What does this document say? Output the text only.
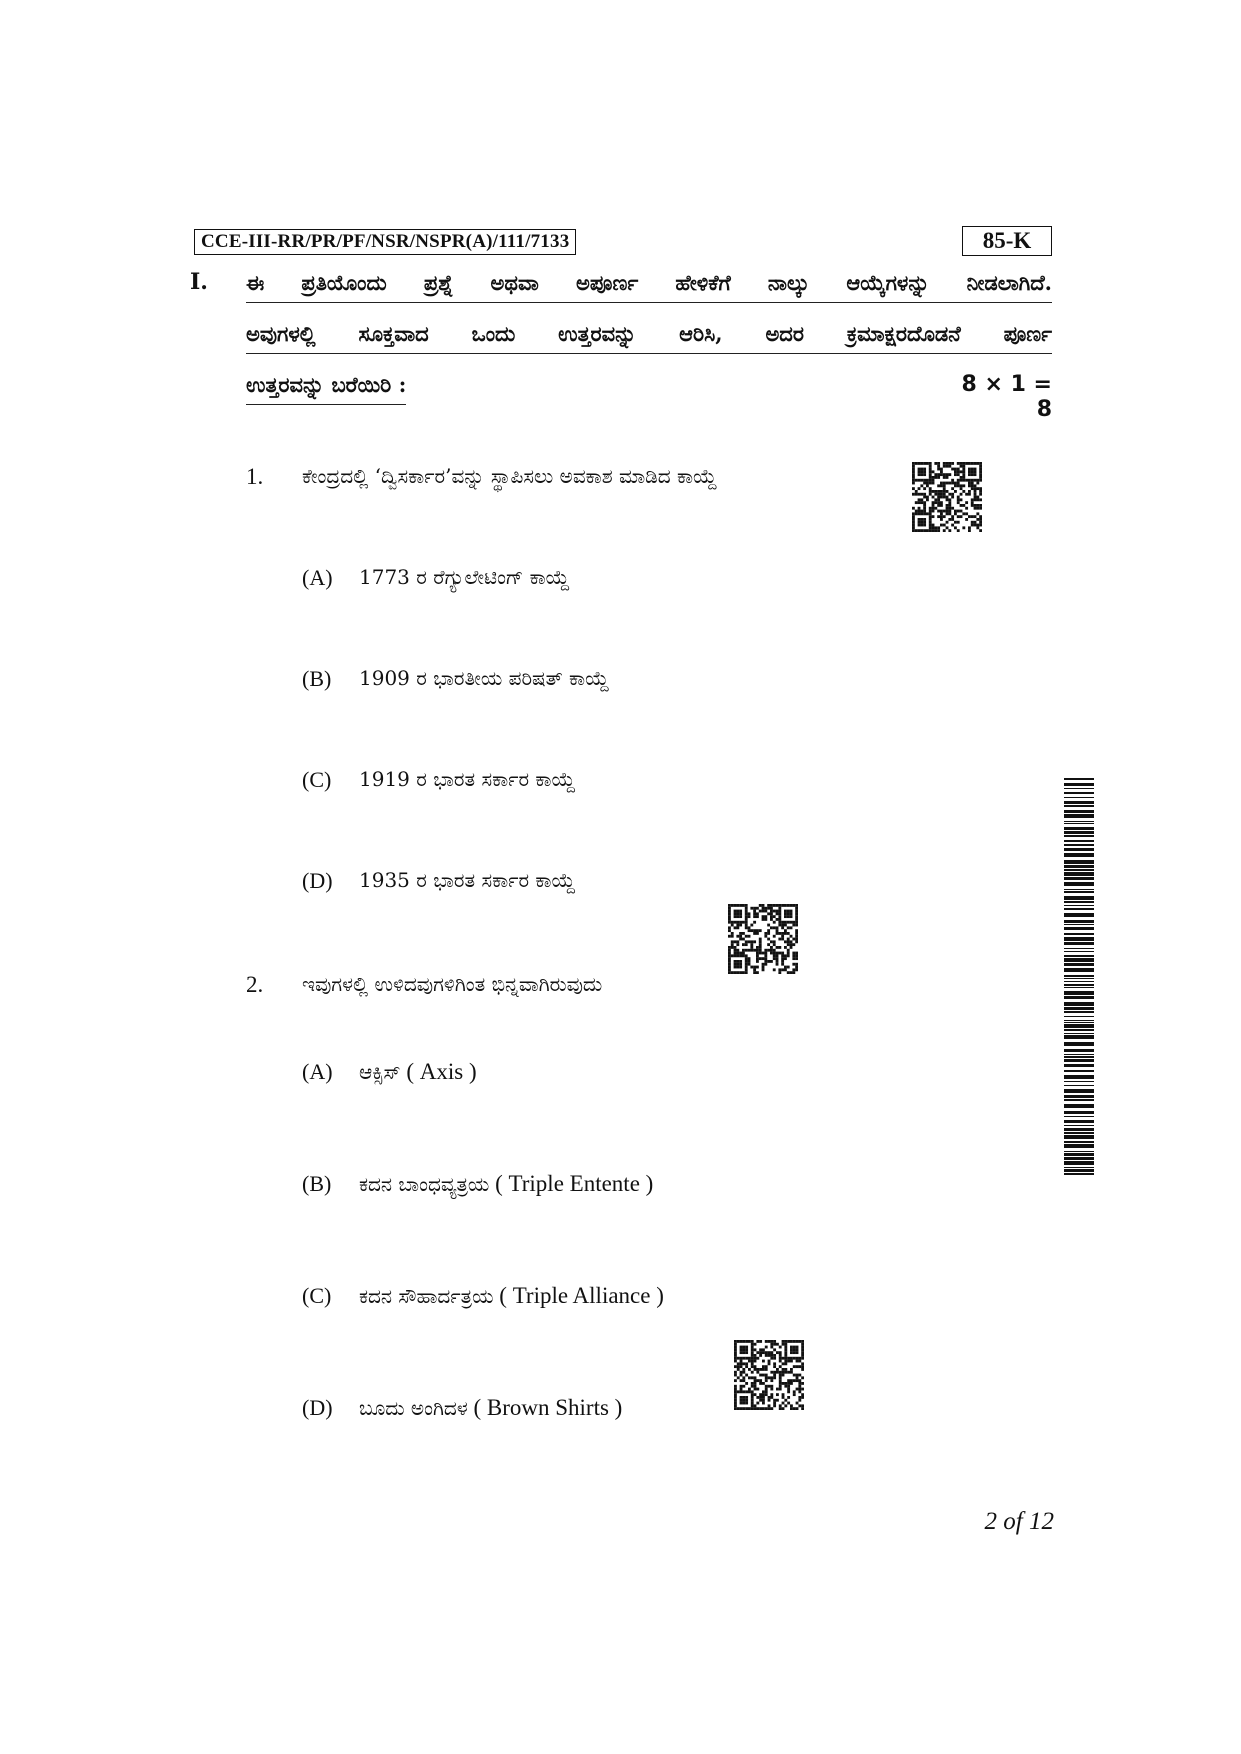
CCE-III-RR/PR/PF/NSR/NSPR(A)/111/7133	85-K
I. ಈ ಪ್ರತಿಯೊಂದು ಪ್ರಶ್ನೆ ಅಥವಾ ಅಪೂರ್ಣ ಹೇಳಿಕೆಗೆ ನಾಲ್ಕು ಆಯ್ಕೆಗಳನ್ನು ನೀಡಲಾಗಿದೆ.
ಅವುಗಳಲ್ಲಿ ಸೂಕ್ತವಾದ ಒಂದು ಉತ್ತರವನ್ನು ಆರಿಸಿ, ಅದರ ಕ್ರಮಾಕ್ಷರದೊಡನೆ ಪೂರ್ಣ
ಉತ್ತರವನ್ನು ಬರೆಯಿರಿ :	8 × 1 = 8
1. ಕೇಂದ್ರದಲ್ಲಿ ‘ದ್ವಿಸರ್ಕಾರ’ವನ್ನು ಸ್ಥಾಪಿಸಲು ಅವಕಾಶ ಮಾಡಿದ ಕಾಯ್ದೆ
(A) 1773 ರ ರೆಗ್ಯುಲೇಟಿಂಗ್ ಕಾಯ್ದೆ
(B) 1909 ರ ಭಾರತೀಯ ಪರಿಷತ್ ಕಾಯ್ದೆ
(C) 1919 ರ ಭಾರತ ಸರ್ಕಾರ ಕಾಯ್ದೆ
(D) 1935 ರ ಭಾರತ ಸರ್ಕಾರ ಕಾಯ್ದೆ
2. ಇವುಗಳಲ್ಲಿ ಉಳಿದವುಗಳಿಗಿಂತ ಭಿನ್ನವಾಗಿರುವುದು
(A) ಆಕ್ಸಿಸ್ ( Axis )
(B) ಕದನ ಬಾಂಧವ್ಯತ್ರಯ ( Triple Entente )
(C) ಕದನ ಸೌಹಾರ್ದತ್ರಯ ( Triple Alliance )
(D) ಬೂದು ಅಂಗಿದಳ ( Brown Shirts )
2 of 12
